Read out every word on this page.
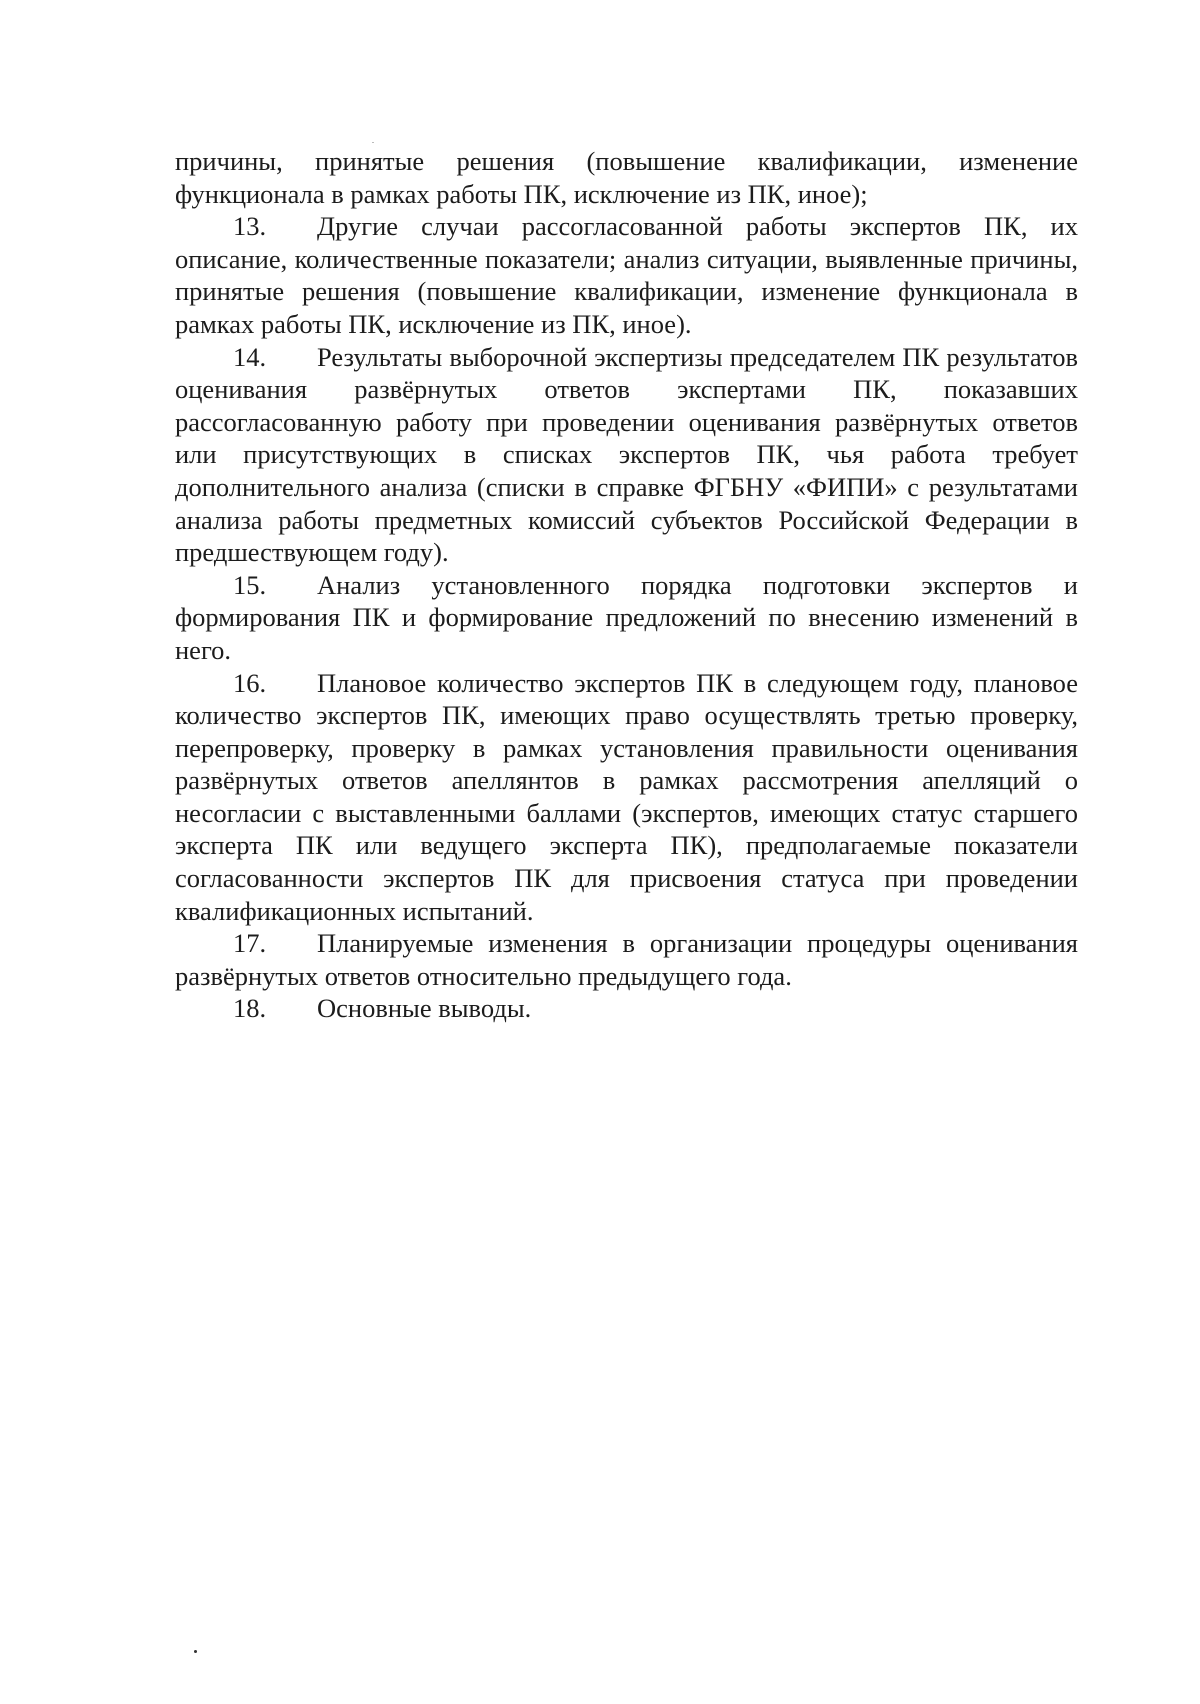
причины, принятые решения (повышение квалификации, изменение функционала в рамках работы ПК, исключение из ПК, иное);

13. Другие случаи рассогласованной работы экспертов ПК, их описание, количественные показатели; анализ ситуации, выявленные причины, принятые решения (повышение квалификации, изменение функционала в рамках работы ПК, исключение из ПК, иное).

14. Результаты выборочной экспертизы председателем ПК результатов оценивания развёрнутых ответов экспертами ПК, показавших рассогласованную работу при проведении оценивания развёрнутых ответов или присутствующих в списках экспертов ПК, чья работа требует дополнительного анализа (списки в справке ФГБНУ «ФИПИ» с результатами анализа работы предметных комиссий субъектов Российской Федерации в предшествующем году).

15. Анализ установленного порядка подготовки экспертов и формирования ПК и формирование предложений по внесению изменений в него.

16. Плановое количество экспертов ПК в следующем году, плановое количество экспертов ПК, имеющих право осуществлять третью проверку, перепроверку, проверку в рамках установления правильности оценивания развёрнутых ответов апеллянтов в рамках рассмотрения апелляций о несогласии с выставленными баллами (экспертов, имеющих статус старшего эксперта ПК или ведущего эксперта ПК), предполагаемые показатели согласованности экспертов ПК для присвоения статуса при проведении квалификационных испытаний.

17. Планируемые изменения в организации процедуры оценивания развёрнутых ответов относительно предыдущего года.

18. Основные выводы.
